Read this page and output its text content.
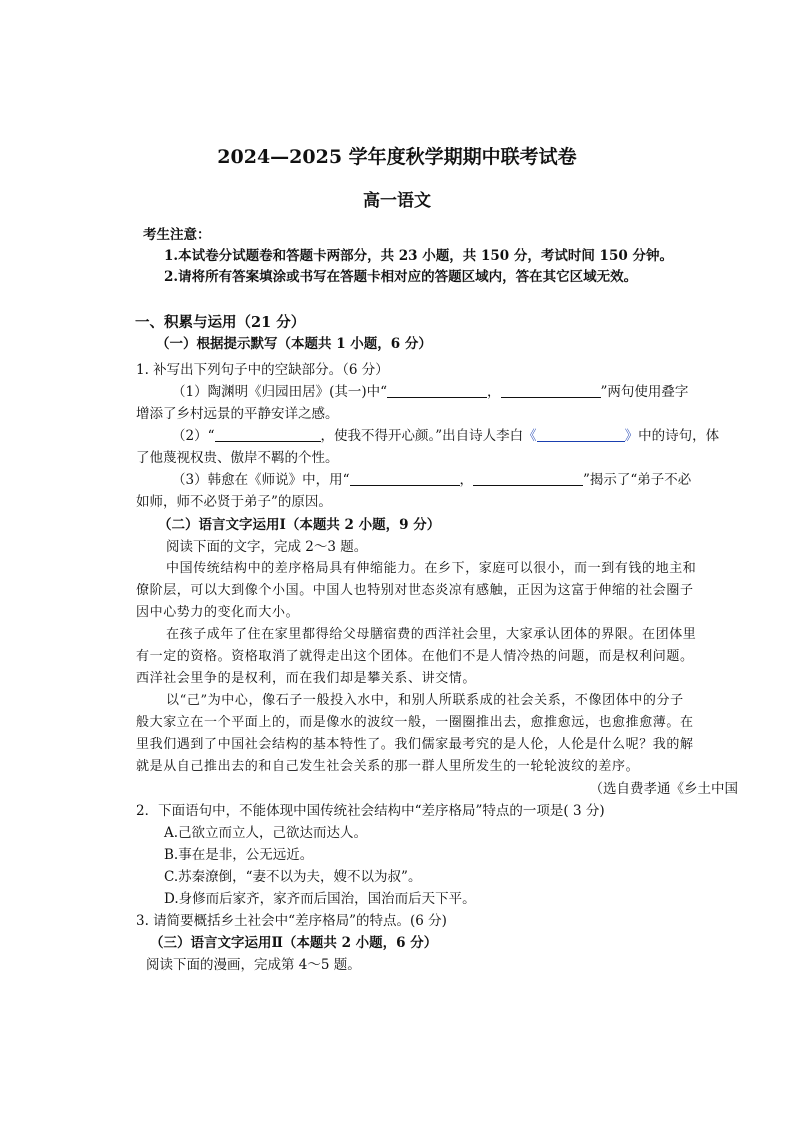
2024—2025 学年度秋学期期中联考试卷
高一语文
考生注意：
1.本试卷分试题卷和答题卡两部分，共 23 小题，共 150 分，考试时间 150 分钟。
2.请将所有答案填涂或书写在答题卡相对应的答题区域内，答在其它区域无效。
一、积累与运用（21 分）
（一）根据提示默写（本题共 1 小题，6 分）
1. 补写出下列句子中的空缺部分。（6 分）
（1）陶渊明《归园田居》(其一)中“	，	”两句使用叠字
增添了乡村远景的平静安详之感。
（2）“	，使我不得开心颜。”出自诗人李白《	》中的诗句，体
了他蔑视权贵、傲岸不羁的个性。
（3）韩愈在《师说》中，用“	，	”揭示了“弟子不必
如师，师不必贤于弟子”的原因。
（二）语言文字运用Ⅰ（本题共 2 小题，9 分）
阅读下面的文字，完成 2～3 题。
中国传统结构中的差序格局具有伸缩能力。在乡下，家庭可以很小，而一到有钱的地主和
僚阶层，可以大到像个小国。中国人也特别对世态炎凉有感触，正因为这富于伸缩的社会圈子
因中心势力的变化而大小。
在孩子成年了住在家里都得给父母膳宿费的西洋社会里，大家承认团体的界限。在团体里
有一定的资格。资格取消了就得走出这个团体。在他们不是人情冷热的问题，而是权利问题。
西洋社会里争的是权利，而在我们却是攀关系、讲交情。
以“己”为中心，像石子一般投入水中，和别人所联系成的社会关系，不像团体中的分子
般大家立在一个平面上的，而是像水的波纹一般，一圈圈推出去，愈推愈远，也愈推愈薄。在
里我们遇到了中国社会结构的基本特性了。我们儒家最考究的是人伦，人伦是什么呢？我的解
就是从自己推出去的和自己发生社会关系的那一群人里所发生的一轮轮波纹的差序。
（选自费孝通《乡土中国
2．下面语句中，不能体现中国传统社会结构中“差序格局”特点的一项是( 3 分)
A.己欲立而立人，己欲达而达人。
B.事在是非，公无远近。
C.苏秦潦倒，“妻不以为夫，嫂不以为叔”。
D.身修而后家齐，家齐而后国治，国治而后天下平。
3. 请简要概括乡土社会中“差序格局”的特点。(6 分)
（三）语言文字运用Ⅱ（本题共 2 小题，6 分）
阅读下面的漫画，完成第 4～5 题。
